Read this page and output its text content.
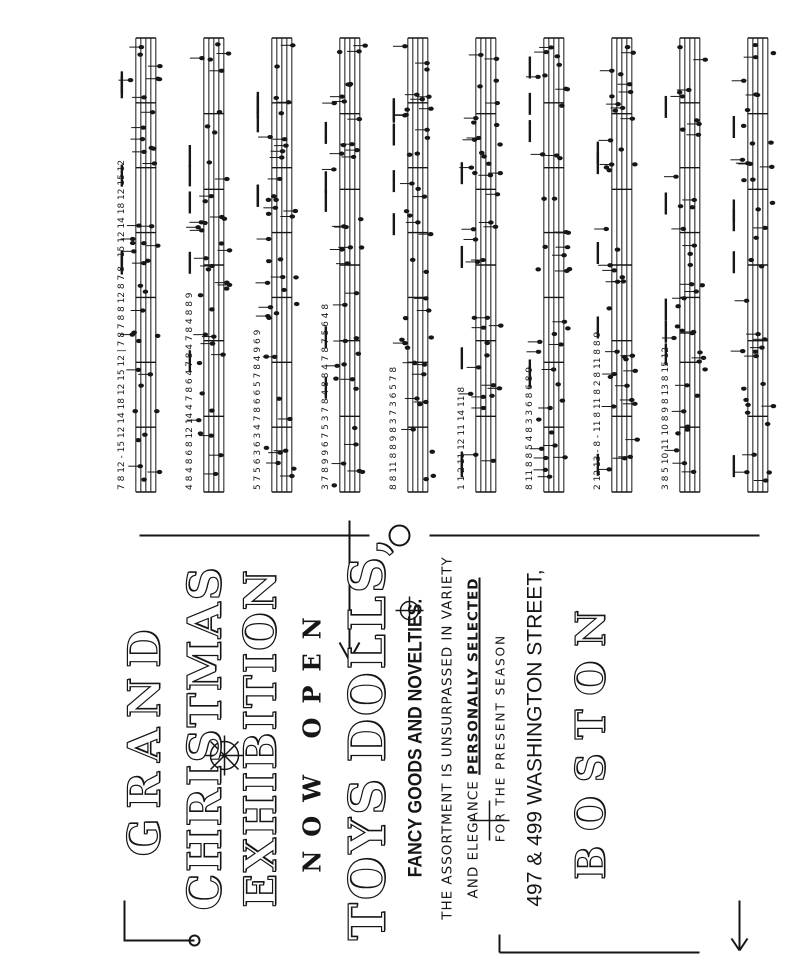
7 8 12 - 15 12 14 18 12 15 12 | 7 8 7 8 8 12 8 7 8 - 15 12 14 18 12 15 12	4 8 4 8 6 8 12 14 4 7 8 6 4 7 8 4 7 8 4 8 8 9	5 7 5 6 3 6 3 4 7 8 6 6 5 7 8 4 9 6 9	3 7 8 9 9 6 7 5 3 7 8 4 8 8 4 7 8 7 5 6 4 8	8 8 11 8 8 9 8 3 7 3 6 5 7 8	1 1 2 11 12 11 14 11 8	8 11 8 8 5 4 8 3 3 6 8 6 8 9	2 12 13 - 8 - 11 8 11 8 2 8 11 8 8 9	3 8 5 10 11 10 8 9 8 13 8 15 12
GRAND CHRISTMAS EXHIBITION NOW OPEN TOYS
DOLLS, FANCY GOODS AND NOVELTIES. THE ASSORTMENT IS UNSURPASSED IN VARIETY AND ELEGANCE PERSONALLY SELECTED FOR THE PRESENT SEASON 497 & 499 WASHINGTON STREET, BOSTON
